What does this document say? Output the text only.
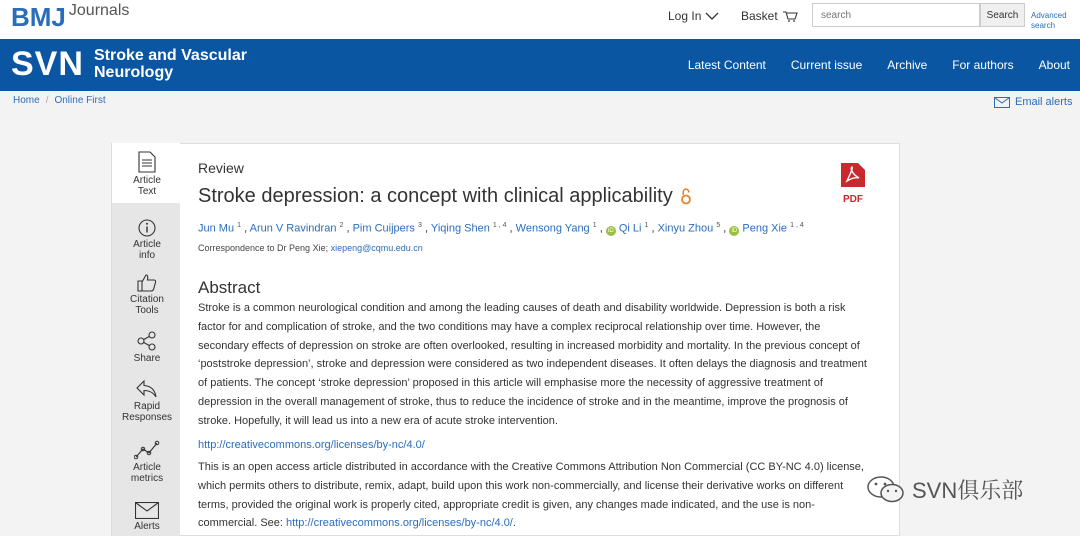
BMJ Journals	Log In	Basket
search	Search	Advanced
search
SVN Stroke and Vascular
Neurology	Latest Content Current issue Archive For authors About
Home / Online First	Email alerts
Article
Text
Article
info
Citation
Tools
Share
Rapid
Responses
Article
metrics
Alerts
Review
Stroke depression: a concept with clinical applicability	PDF
Jun Mu $^1$ , Arun V Ravindran $^2$ , Pim Cuijpers $^3$ , Yiqing Shen $^{1 , 4}$ , Wensong Yang $^1$ , iD Qi Li $^1$ , Xinyu Zhou $^5$ , iD Peng Xie $^{1 , 4}$
Correspondence to Dr Peng Xie; xiepeng@cqmu.edu.cn
Abstract
Stroke is a common neurological condition and among the leading causes of death and disability worldwide. Depression is both a risk factor for and complication of stroke, and the two conditions may have a complex reciprocal relationship over time. However, the secondary effects of depression on stroke are often overlooked, resulting in increased morbidity and mortality. In the previous concept of ‘poststroke depression’, stroke and depression were considered as two independent diseases. It often delays the diagnosis and treatment of patients. The concept ‘stroke depression’ proposed in this article will emphasise more the necessity of aggressive treatment of depression in the overall management of stroke, thus to reduce the incidence of stroke and in the meantime, improve the prognosis of stroke. Hopefully, it will lead us into a new era of acute stroke intervention.
http://creativecommons.org/licenses/by-nc/4.0/
This is an open access article distributed in accordance with the Creative Commons Attribution Non Commercial (CC BY-NC 4.0) license, which permits others to distribute, remix, adapt, build upon this work non-commercially, and license their derivative works on different terms, provided the original work is properly cited, appropriate credit is given, any changes made indicated, and the use is non-commercial. See: http://creativecommons.org/licenses/by-nc/4.0/.
SVN俱乐部
